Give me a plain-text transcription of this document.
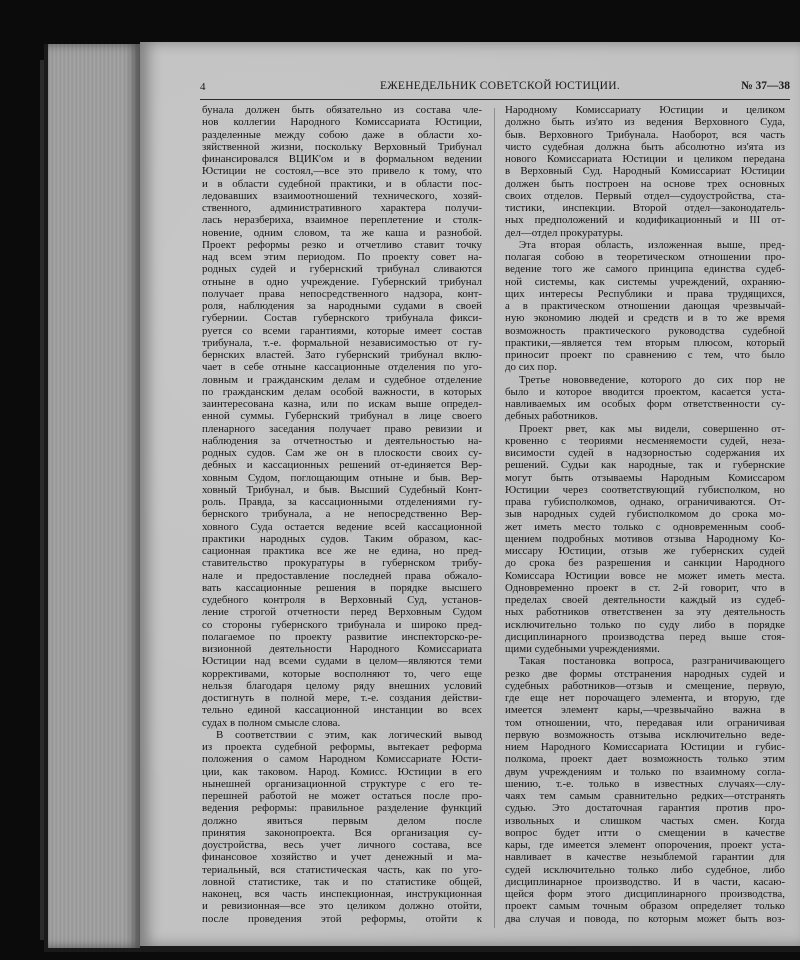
4	ЕЖЕНЕДЕЛЬНИК СОВЕТСКОЙ ЮСТИЦИИ.	№ 37—38
бунала должен быть обязательно из состава чле-
нов коллегии Народного Комиссариата Юстиции,
разделенные между собою даже в области хо-
зяйственной жизни, поскольку Верховный Трибунал
финансировался ВЦИК'ом и в формальном ведении
Юстиции не состоял,—все это привело к тому, что
и в области судебной практики, и в области пос-
ледовавших взаимоотношений технического, хозяй-
ственного, административного характера получи-
лась неразбериха, взаимное переплетение и столк-
новение, одним словом, та же каша и разнобой.
Проект реформы резко и отчетливо ставит точку
над всем этим периодом. По проекту совет на-
родных судей и губернский трибунал сливаются
отныне в одно учреждение. Губернский трибунал
получает права непосредственного надзора, конт-
роля, наблюдения за народными судами в своей
губернии. Состав губернского трибунала фикси-
руется со всеми гарантиями, которые имеет состав
трибунала, т.-е. формальной независимостью от гу-
бернских властей. Зато губернский трибунал вклю-
чает в себе отныне кассационные отделения по уго-
ловным и гражданским делам и судебное отделение
по гражданским делам особой важности, в которых
заинтересована казна, или по искам выше определ-
енной суммы. Губернский трибунал в лице своего
пленарного заседания получает право ревизии и
наблюдения за отчетностью и деятельностью на-
родных судов. Сам же он в плоскости своих су-
дебных и кассационных решений от-единяется Вер-
ховным Судом, поглощающим отныне и быв. Вер-
ховный Трибунал, и быв. Высший Судебный Конт-
роль. Правда, за кассационными отделениями гу-
бернского трибунала, а не непосредственно Вер-
ховного Суда остается ведение всей кассационной
практики народных судов. Таким образом, кас-
сационная практика все же не едина, но пред-
ставительство прокуратуры в губернском трибу-
нале и предоставление последней права обжало-
вать кассационные решения в порядке высшего
судебного контроля в Верховный Суд, установ-
ление строгой отчетности перед Верховным Судом
со стороны губернского трибунала и широко пред-
полагаемое по проекту развитие инспекторско-ре-
визионной деятельности Народного Комиссариата
Юстиции над всеми судами в целом—являются теми
коррективами, которые восполняют то, чего еще
нельзя благодаря целому ряду внешних условий
достигнуть в полной мере, т.-е. создания действи-
тельно единой кассационной инстанции во всех
судах в полном смысле слова.
В соответствии с этим, как логический вывод
из проекта судебной реформы, вытекает реформа
положения о самом Народном Комиссариате Юсти-
ции, как таковом. Народ. Комисс. Юстиции в его
нынешней организационной структуре с его те-
перешней работой не может остаться после про-
ведения реформы: правильное разделение функций
должно явиться первым делом после
принятия законопроекта. Вся организация су-
доустройства, весь учет личного состава, все
финансовое хозяйство и учет денежный и ма-
териальный, вся статистическая часть, как по уго-
ловной статистике, так и по статистике общей,
наконец, вся часть инспекционная, инструкционная
и ревизионная—все это целиком должно отойти,
после проведения этой реформы, отойти к
Народному Комиссариату Юстиции и целиком
должно быть из'ято из ведения Верховного Суда,
быв. Верховного Трибунала. Наоборот, вся часть
чисто судебная должна быть абсолютно из'ята из
нового Комиссариата Юстиции и целиком передана
в Верховный Суд. Народный Комиссариат Юстиции
должен быть построен на основе трех основных
своих отделов. Первый отдел—судоустройства, ста-
тистики, инспекции. Второй отдел—законодатель-
ных предположений и кодификационный и III от-
дел—отдел прокуратуры.
Эта вторая область, изложенная выше, пред-
полагая собою в теоретическом отношении про-
ведение того же самого принципа единства судеб-
ной системы, как системы учреждений, охраняю-
щих интересы Республики и права трудящихся,
а в практическом отношении дающая чрезвычай-
ную экономию людей и средств и в то же время
возможность практического руководства судебной
практики,—является тем вторым плюсом, который
приносит проект по сравнению с тем, что было
до сих пор.
Третье нововведение, которого до сих пор не
было и которое вводится проектом, касается уста-
навливаемых им особых форм ответственности су-
дебных работников.
Проект рвет, как мы видели, совершенно от-
кровенно с теориями несменяемости судей, неза-
висимости судей в надзорностью содержания их
решений. Судьи как народные, так и губернские
могут быть отзываемы Народным Комиссаром
Юстиции через соответствующий губисполком, но
права губисполкомов, однако, ограничиваются. От-
зыв народных судей губисполкомом до срока мо-
жет иметь место только с одновременным сооб-
щением подробных мотивов отзыва Народному Ко-
миссару Юстиции, отзыв же губернских судей
до срока без разрешения и санкции Народного
Комиссара Юстиции вовсе не может иметь места.
Одновременно проект в ст. 2-й говорит, что в
пределах своей деятельности каждый из судеб-
ных работников ответственен за эту деятельность
исключительно только по суду либо в порядке
дисциплинарного производства перед выше стоя-
щими судебными учреждениями.
Такая постановка вопроса, разграничивающего
резко две формы отстранения народных судей и
судебных работников—отзыв и смещение, первую,
где еще нет порочащего элемента, и вторую, где
имеется элемент кары,—чрезвычайно важна в
том отношении, что, передавая или ограничивая
первую возможность отзыва исключительно веде-
нием Народного Комиссариата Юстиции и губис-
полкома, проект дает возможность только этим
двум учреждениям и только по взаимному согла-
шению, т.-е. только в известных случаях—слу-
чаях тем самым сравнительно редких—отстранять
судью. Это достаточная гарантия против про-
извольных и слишком частых смен. Когда
вопрос будет итти о смещении в качестве
кары, где имеется элемент опорочения, проект уста-
навливает в качестве незыблемой гарантии для
судей исключительно только либо судебное, либо
дисциплинарное производство. И в части, касаю-
щейся форм этого дисциплинарного производства,
проект самым точным образом определяет только
два случая и повода, по которым может быть воз-
